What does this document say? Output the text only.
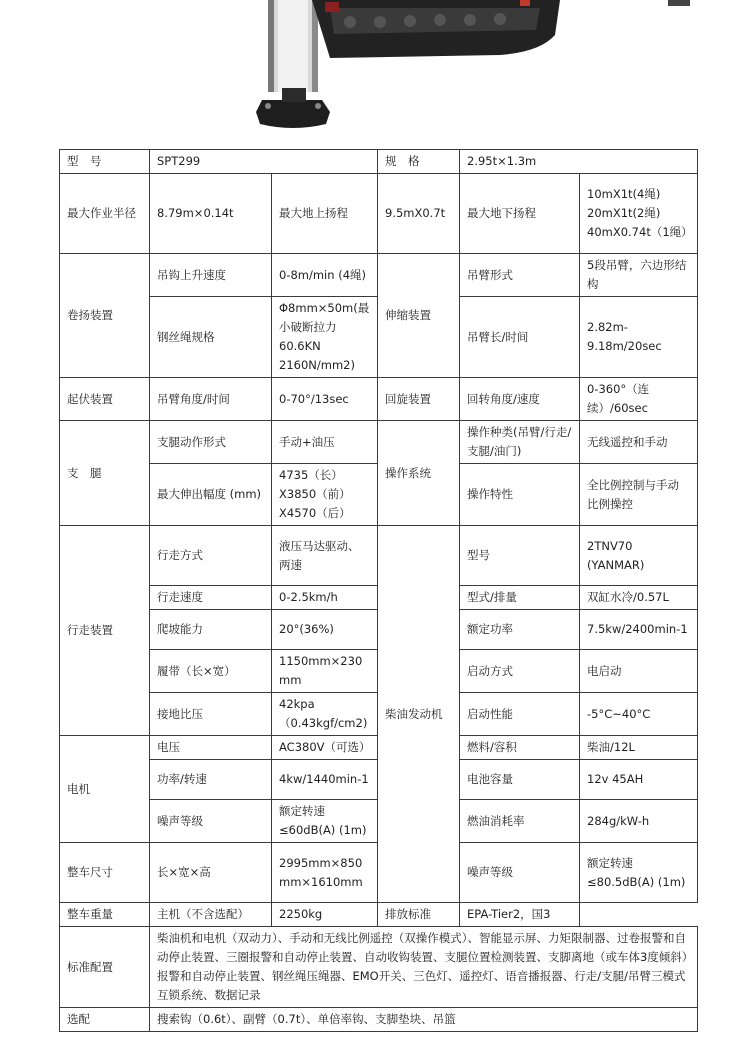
型　号	SPT299		规　格	2.95t×1.3m	
最大作业半径	8.79m×0.14t	最大地上扬程	9.5mX0.7t	最大地下扬程	10mX1t(4绳) 20mX1t(2绳) 40mX0.74t（1绳）
卷扬装置	吊钩上升速度	0-8m/min (4绳)	伸缩装置	吊臂形式	5段吊臂，六边形结构
	钢丝绳规格	Φ8mm×50m(最小破断拉力60.6KN 2160N/mm2)		吊臂长/时间	2.82m-9.18m/20sec
起伏装置	吊臂角度/时间	0-70°/13sec	回旋装置	回转角度/速度	0-360°（连续）/60sec
支　腿	支腿动作形式	手动+油压	操作系统	操作种类(吊臂/行走/支腿/油门)	无线遥控和手动
	最大伸出幅度 (mm)	4735（长）X3850（前）X4570（后）		操作特性	全比例控制与手动比例操控
行走装置	行走方式	液压马达驱动、两速	柴油发动机	型号	2TNV70 (YANMAR)
	行走速度	0-2.5km/h		型式/排量	双缸水冷/0.57L
	爬坡能力	20°(36%)		额定功率	7.5kw/2400min-1
	履带（长×宽）	1150mm×230mm		启动方式	电启动
	接地比压	42kpa（0.43kgf/cm2)		启动性能	-5°C~40°C
电机	电压	AC380V（可选）		燃料/容积	柴油/12L
	功率/转速	4kw/1440min-1		电池容量	12v 45AH
	噪声等级	额定转速≤60dB(A) (1m)		燃油消耗率	284g/kW-h
整车尺寸	长×宽×高	2995mm×850mm×1610mm		噪声等级	额定转速≤80.5dB(A) (1m)
整车重量	主机（不含选配）	2250kg	排放标准	EPA-Tier2，国3	
标准配置	柴油机和电机（双动力）、手动和无线比例遥控（双操作模式）、智能显示屏、力矩限制器、过卷报警和自动停止装置、三圈报警和自动停止装置、自动收钩装置、支腿位置检测装置、支脚离地（或车体3度倾斜）报警和自动停止装置、钢丝绳压绳器、EMO开关、三色灯、遥控灯、语音播报器、行走/支腿/吊臂三模式互锁系统、数据记录				
选配	搜索钩（0.6t）、副臂（0.7t）、单倍率钩、支脚垫块、吊篮				
